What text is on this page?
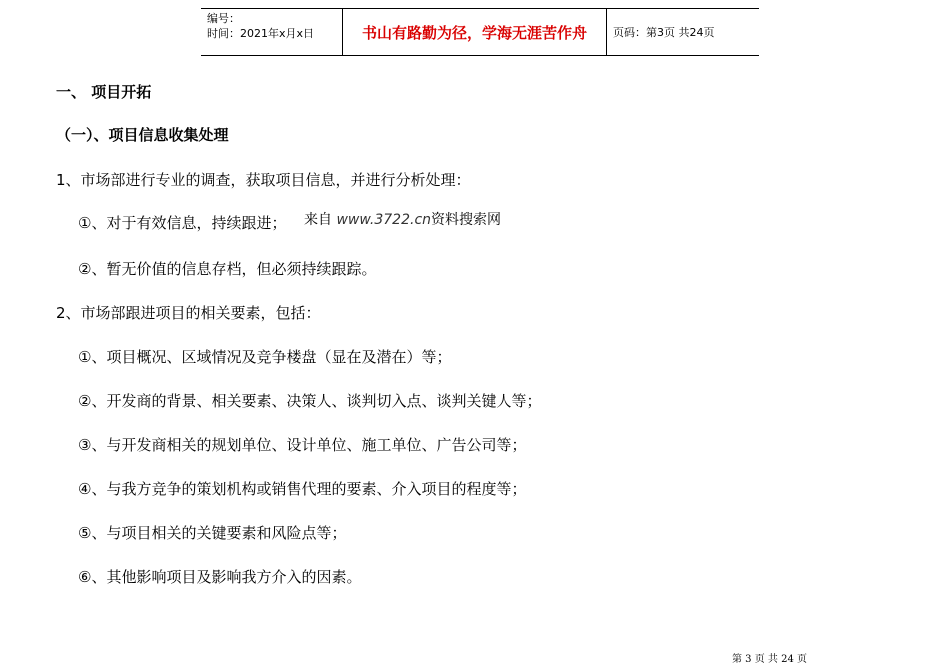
编号：
时间：2021年x月x日	书山有路勤为径，学海无涯苦作舟	页码：第3页 共24页
一、 项目开拓
（一）、项目信息收集处理
1、市场部进行专业的调查，获取项目信息，并进行分析处理：
①、对于有效信息，持续跟进； 来自 www.3722.cn资料搜索网
②、暂无价值的信息存档，但必须持续跟踪。
2、市场部跟进项目的相关要素，包括：
①、项目概况、区域情况及竞争楼盘（显在及潜在）等；
②、开发商的背景、相关要素、决策人、谈判切入点、谈判关键人等；
③、与开发商相关的规划单位、设计单位、施工单位、广告公司等；
④、与我方竞争的策划机构或销售代理的要素、介入项目的程度等；
⑤、与项目相关的关键要素和风险点等；
⑥、其他影响项目及影响我方介入的因素。
第 3 页 共 24 页
